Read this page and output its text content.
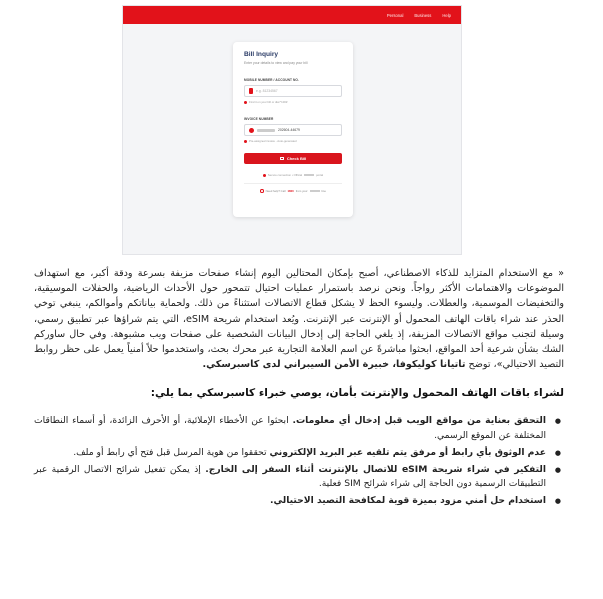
Personal	Business	Help
Bill Inquiry
Enter your details to view and pay your bill
MOBILE NUMBER / ACCOUNT NO.
e.g. 81234567
Find it on your bill or dial *100#
INVOICE NUMBER
202604-44679
Pre-assigned invoice - Auto-generated
Check Bill
Secure connection • Official	portal
Need help? Call 1800 from your	line

« مع الاستخدام المتزايد للذكاء الاصطناعي، أصبح بإمكان المحتالين اليوم إنشاء صفحات مزيفة بسرعة ودقة أكبر، مع استهداف الموضوعات والاهتمامات الأكثر رواجاً. ونحن نرصد باستمرار عمليات احتيال تتمحور حول الأحداث الرياضية، والحفلات الموسيقية، والتخفيضات الموسمية، والعطلات. وليسوء الحظ لا يشكل قطاع الاتصالات استثناءً من ذلك. ولحماية بياناتكم وأموالكم، ينبغي توخي الحذر عند شراء باقات الهاتف المحمول أو الإنترنت عبر الإنترنت. ويُعد استخدام شريحة eSIM، التي يتم شراؤها عبر تطبيق رسمي، وسيلة لتجنب مواقع الاتصالات المزيفة، إذ يلغي الحاجة إلى إدخال البيانات الشخصية على صفحات ويب مشبوهة. وفي حال ساوركم الشك بشأن شرعية أحد المواقع، ابحثوا مباشرةً عن اسم العلامة التجارية عبر محرك بحث، واستخدموا حلاً أمنياً يعمل على حظر روابط التصيد الاحتيالي»، توضح تاتيانا كوليكوفا، خبيرة الأمن السيبراني لدى كاسبرسكي.

لشراء باقات الهاتف المحمول والإنترنت بأمان، يوصي خبراء كاسبرسكي بما يلي:
● التحقق بعناية من مواقع الويب قبل إدخال أي معلومات. ابحثوا عن الأخطاء الإملائية، أو الأحرف الزائدة، أو أسماء النطاقات المختلفة عن الموقع الرسمي.
● عدم الوثوق بأي رابط أو مرفق يتم تلقيه عبر البريد الإلكتروني تحققوا من هوية المرسل قبل فتح أي رابط أو ملف.
● التفكير في شراء شريحة eSIM للاتصال بالإنترنت أثناء السفر إلى الخارج. إذ يمكن تفعيل شرائح الاتصال الرقمية عبر التطبيقات الرسمية دون الحاجة إلى شراء شرائح SIM فعلية.
● استخدام حل أمني مزود بميزة قوية لمكافحة التصيد الاحتيالي.
